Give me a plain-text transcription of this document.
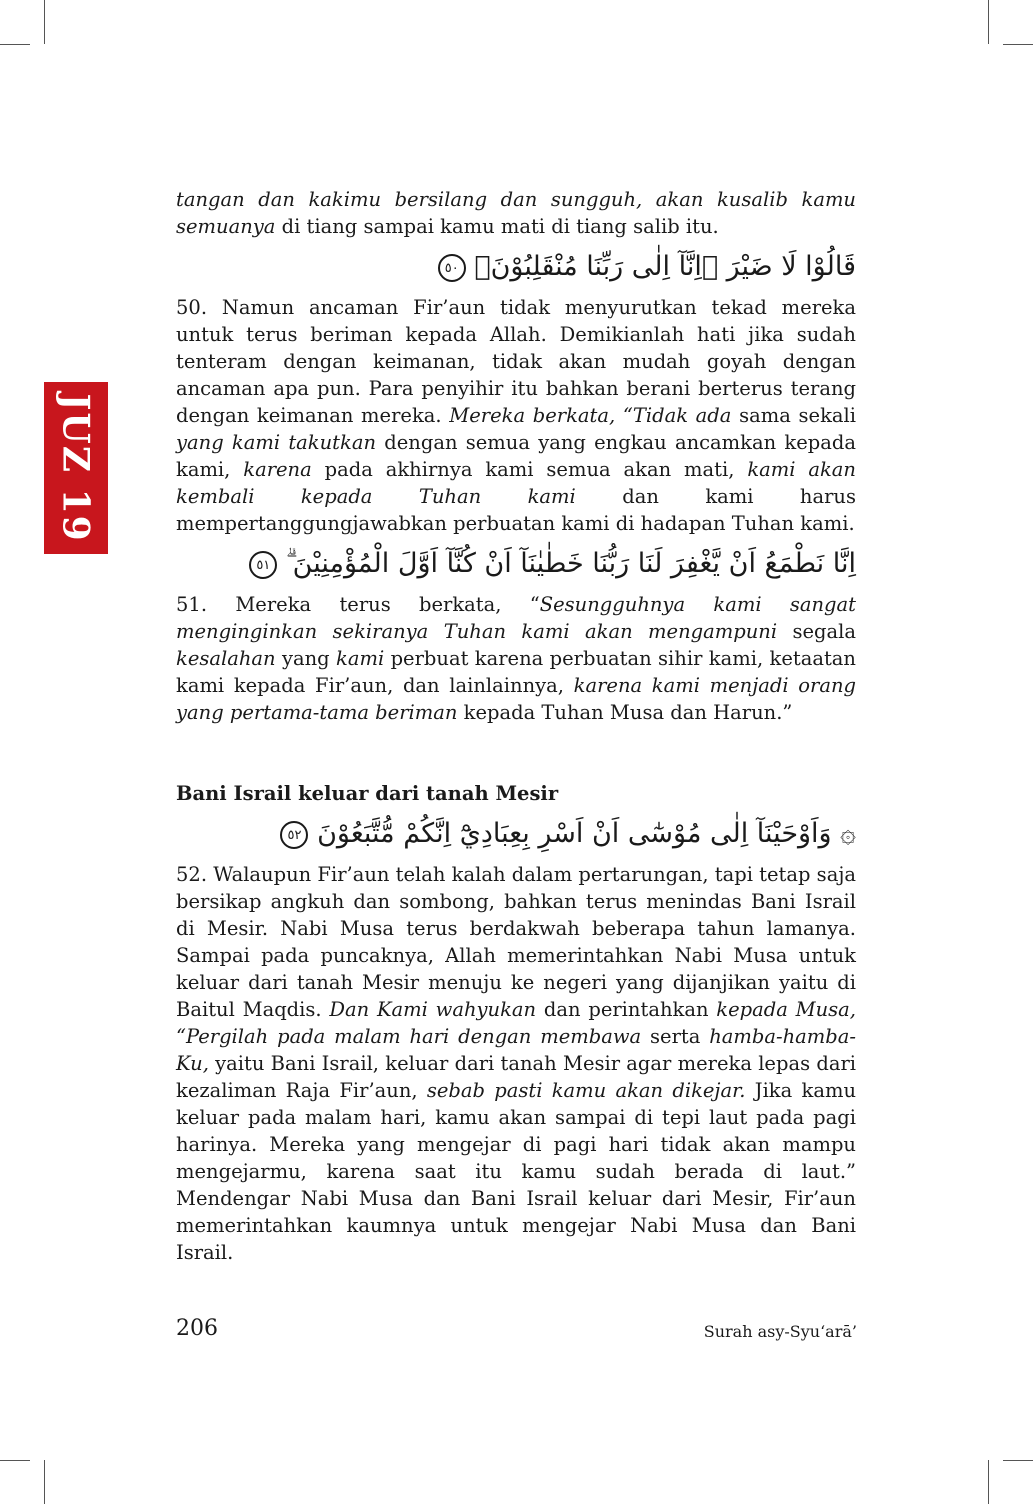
JUZ 19

tangan dan kakimu bersilang dan sungguh, akan kusalib kamu semuanya di tiang sampai kamu mati di tiang salib itu.

قَالُوْا لَا ضَيْرَ ۖاِنَّآ اِلٰى رَبِّنَا مُنْقَلِبُوْنَۚ ٥٠

50. Namun ancaman Fir’aun tidak menyurutkan tekad mereka untuk terus beriman kepada Allah. Demikianlah hati jika sudah tenteram dengan keimanan, tidak akan mudah goyah dengan ancaman apa pun. Para penyihir itu bahkan berani berterus terang dengan keimanan mereka. Mereka berkata, “Tidak ada sama sekali yang kami takutkan dengan semua yang engkau ancamkan kepada kami, karena pada akhirnya kami semua akan mati, kami akan kembali kepada Tuhan kami dan kami harus mempertanggungjawabkan perbuatan kami di hadapan Tuhan kami.

اِنَّا نَطْمَعُ اَنْ يَّغْفِرَ لَنَا رَبُّنَا خَطٰيٰنَآ اَنْ كُنَّآ اَوَّلَ الْمُؤْمِنِيْنَ ۗ ٥١

51. Mereka terus berkata, “Sesungguhnya kami sangat menginginkan sekiranya Tuhan kami akan mengampuni segala kesalahan yang kami perbuat karena perbuatan sihir kami, ketaatan kami kepada Fir’aun, dan lainlainnya, karena kami menjadi orang yang pertama-tama beriman kepada Tuhan Musa dan Harun.”

Bani Israil keluar dari tanah Mesir

۞ وَاَوْحَيْنَآ اِلٰى مُوْسٰٓى اَنْ اَسْرِ بِعِبَادِيْٓ اِنَّكُمْ مُّتَّبَعُوْنَ ٥٢

52. Walaupun Fir’aun telah kalah dalam pertarungan, tapi tetap saja bersikap angkuh dan sombong, bahkan terus menindas Bani Israil di Mesir. Nabi Musa terus berdakwah beberapa tahun lamanya. Sampai pada puncaknya, Allah memerintahkan Nabi Musa untuk keluar dari tanah Mesir menuju ke negeri yang dijanjikan yaitu di Baitul Maqdis. Dan Kami wahyukan dan perintahkan kepada Musa, “Pergilah pada malam hari dengan membawa serta hamba-hamba-Ku, yaitu Bani Israil, keluar dari tanah Mesir agar mereka lepas dari kezaliman Raja Fir’aun, sebab pasti kamu akan dikejar. Jika kamu keluar pada malam hari, kamu akan sampai di tepi laut pada pagi harinya. Mereka yang mengejar di pagi hari tidak akan mampu mengejarmu, karena saat itu kamu sudah berada di laut.” Mendengar Nabi Musa dan Bani Israil keluar dari Mesir, Fir’aun memerintahkan kaumnya untuk mengejar Nabi Musa dan Bani Israil.

206	Surah asy-Syu‘arā’
